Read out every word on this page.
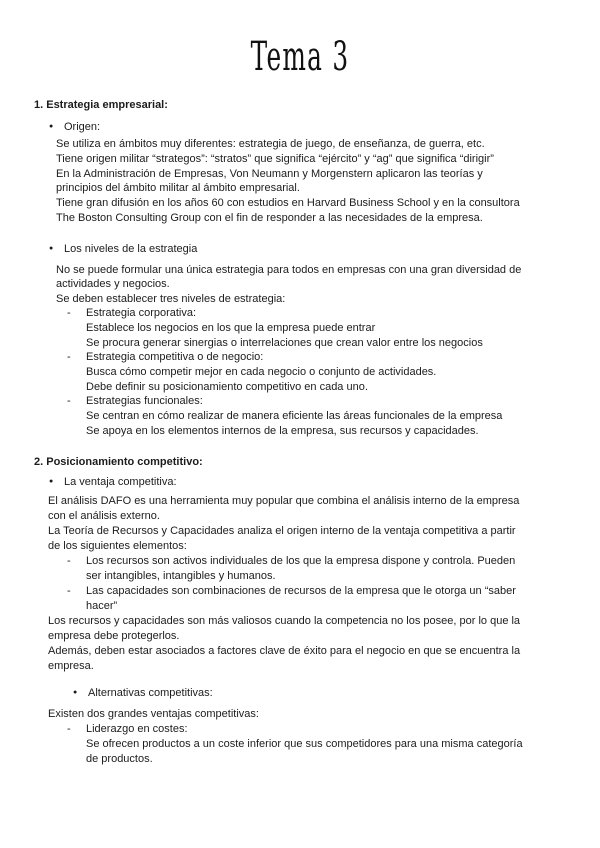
Tema 3
1. Estrategia empresarial:
● Origen:
Se utiliza en ámbitos muy diferentes: estrategia de juego, de enseñanza, de guerra, etc.
Tiene origen militar “strategos”: “stratos” que significa “ejército” y “ag” que significa “dirigir”
En la Administración de Empresas, Von Neumann y Morgenstern aplicaron las teorías y
principios del ámbito militar al ámbito empresarial.
Tiene gran difusión en los años 60 con estudios en Harvard Business School y en la consultora
The Boston Consulting Group con el fin de responder a las necesidades de la empresa.
● Los niveles de la estrategia
No se puede formular una única estrategia para todos en empresas con una gran diversidad de
actividades y negocios.
Se deben establecer tres niveles de estrategia:
- Estrategia corporativa:
Establece los negocios en los que la empresa puede entrar
Se procura generar sinergias o interrelaciones que crean valor entre los negocios
- Estrategia competitiva o de negocio:
Busca cómo competir mejor en cada negocio o conjunto de actividades.
Debe definir su posicionamiento competitivo en cada uno.
- Estrategias funcionales:
Se centran en cómo realizar de manera eficiente las áreas funcionales de la empresa
Se apoya en los elementos internos de la empresa, sus recursos y capacidades.
2. Posicionamiento competitivo:
● La ventaja competitiva:
El análisis DAFO es una herramienta muy popular que combina el análisis interno de la empresa
con el análisis externo.
La Teoría de Recursos y Capacidades analiza el origen interno de la ventaja competitiva a partir
de los siguientes elementos:
- Los recursos son activos individuales de los que la empresa dispone y controla. Pueden
ser intangibles, intangibles y humanos.
- Las capacidades son combinaciones de recursos de la empresa que le otorga un “saber
hacer”
Los recursos y capacidades son más valiosos cuando la competencia no los posee, por lo que la
empresa debe protegerlos.
Además, deben estar asociados a factores clave de éxito para el negocio en que se encuentra la
empresa.
● Alternativas competitivas:
Existen dos grandes ventajas competitivas:
- Liderazgo en costes:
Se ofrecen productos a un coste inferior que sus competidores para una misma categoría
de productos.
